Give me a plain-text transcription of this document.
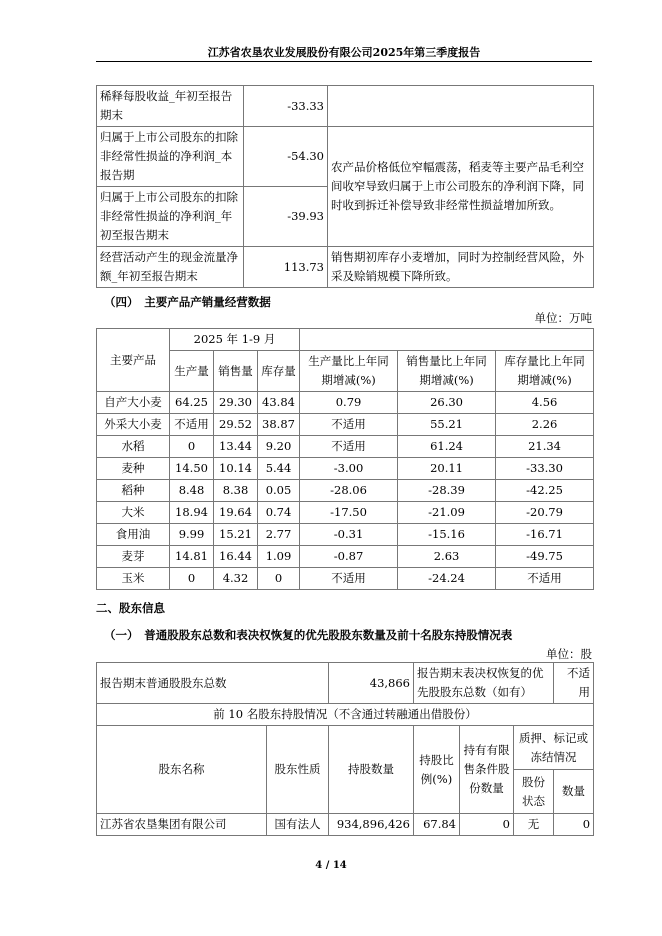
江苏省农垦农业发展股份有限公司2025年第三季度报告
稀释每股收益_年初至报告期末	-33.33	
归属于上市公司股东的扣除非经常性损益的净利润_本报告期	-54.30	农产品价格低位窄幅震荡，稻麦等主要产品毛利空间收窄导致归属于上市公司股东的净利润下降，同时收到拆迁补偿导致非经常性损益增加所致。
归属于上市公司股东的扣除非经常性损益的净利润_年初至报告期末	-39.93	
经营活动产生的现金流量净额_年初至报告期末	113.73	销售期初库存小麦增加，同时为控制经营风险，外采及赊销规模下降所致。
（四）　主要产品产销量经营数据
单位：万吨
主要产品	2025 年 1-9 月					
	生产量	销售量	库存量	生产量比上年同期增减(%)	销售量比上年同期增减(%)	库存量比上年同期增减(%)
自产大小麦	64.25	29.30	43.84	0.79	26.30	4.56
外采大小麦	不适用	29.52	38.87	不适用	55.21	2.26
水稻	0	13.44	9.20	不适用	61.24	21.34
麦种	14.50	10.14	5.44	-3.00	20.11	-33.30
稻种	8.48	8.38	0.05	-28.06	-28.39	-42.25
大米	18.94	19.64	0.74	-17.50	-21.09	-20.79
食用油	9.99	15.21	2.77	-0.31	-15.16	-16.71
麦芽	14.81	16.44	1.09	-0.87	2.63	-49.75
玉米	0	4.32	0	不适用	-24.24	不适用
二、股东信息
（一）　普通股股东总数和表决权恢复的优先股股东数量及前十名股东持股情况表
单位：股
报告期末普通股股东总数		43,866	报告期末表决权恢复的优先股股东总数（如有）			不适用
前 10 名股东持股情况（不含通过转融通出借股份）						
股东名称	股东性质	持股数量	持股比例(%)	持有有限售条件股份数量	质押、标记或冻结情况	
					股份状态	数量
江苏省农垦集团有限公司	国有法人	934,896,426	67.84	0	无	0
4 / 14
